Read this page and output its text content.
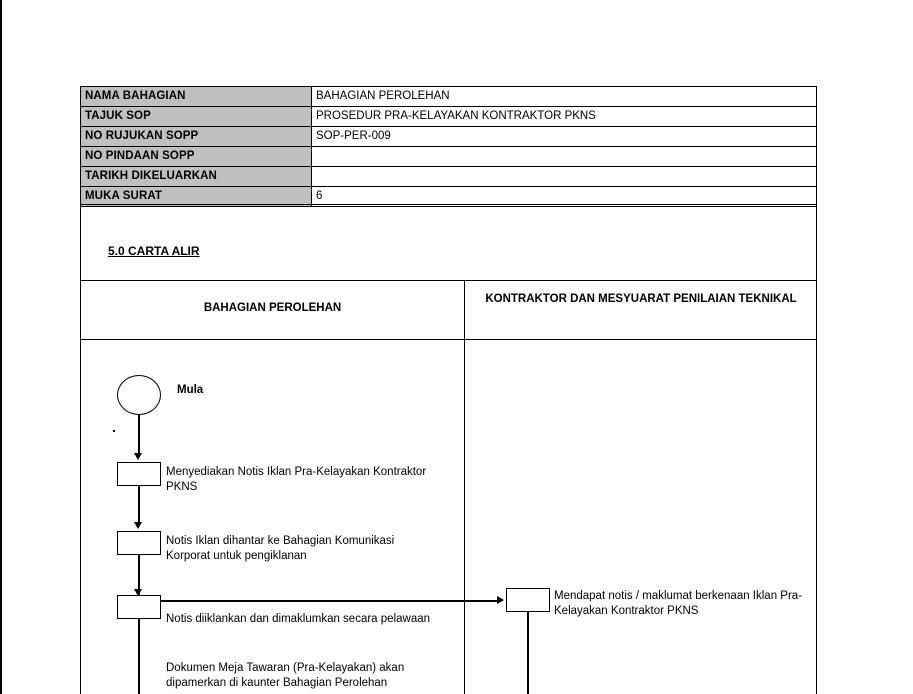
NAMA BAHAGIAN	BAHAGIAN PEROLEHAN
TAJUK SOP	PROSEDUR PRA-KELAYAKAN KONTRAKTOR PKNS
NO RUJUKAN SOPP	SOP-PER-009
NO PINDAAN SOPP	
TARIKH DIKELUARKAN	
MUKA SURAT	6
5.0 CARTA ALIR
BAHAGIAN PEROLEHAN
KONTRAKTOR DAN MESYUARAT PENILAIAN TEKNIKAL
Mula
Menyediakan Notis Iklan Pra-Kelayakan Kontraktor PKNS
Notis Iklan dihantar ke Bahagian Komunikasi Korporat untuk pengiklanan
Notis diiklankan dan dimaklumkan secara pelawaan
Dokumen Meja Tawaran (Pra-Kelayakan) akan dipamerkan di kaunter Bahagian Perolehan
Mendapat notis / maklumat berkenaan Iklan Pra-Kelayakan Kontraktor PKNS
